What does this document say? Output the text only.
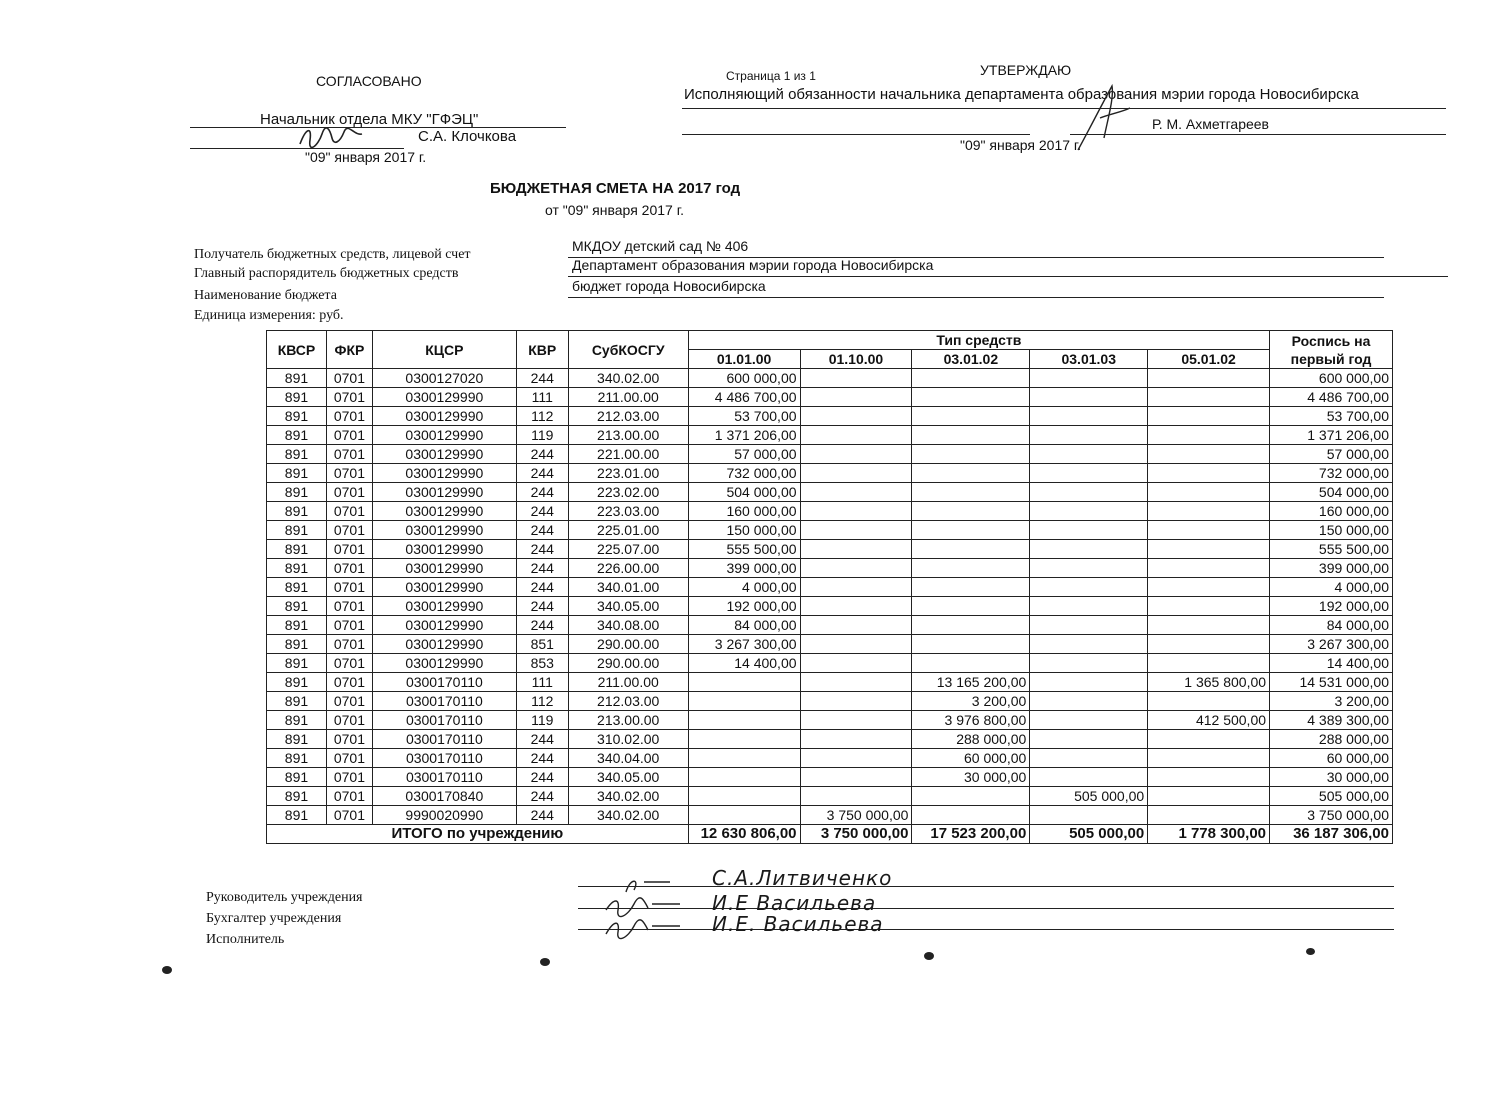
СОГЛАСОВАНО
Начальник отдела МКУ "ГФЭЦ"
С.А. Клочкова
"09" января 2017 г.
Страница 1 из 1	УТВЕРЖДАЮ
Исполняющий обязанности начальника департамента образования мэрии города Новосибирска
Р. М. Ахметгареев
"09" января 2017 г.
БЮДЖЕТНАЯ СМЕТА НА 2017 год
от "09" января 2017 г.
Получатель бюджетных средств, лицевой счет
Главный распорядитель бюджетных средств
Наименование бюджета
Единица измерения: руб.
МКДОУ детский сад № 406
Департамент образования мэрии города Новосибирска
бюджет города Новосибирска
КВСР	ФКР	КЦСР	КВР	СубКОСГУ	Тип средств					Роспись на первый год
					01.01.00	01.10.00	03.01.02	03.01.03	05.01.02	
891	0701	0300127020	244	340.02.00	600 000,00					600 000,00
891	0701	0300129990	111	211.00.00	4 486 700,00					4 486 700,00
891	0701	0300129990	112	212.03.00	53 700,00					53 700,00
891	0701	0300129990	119	213.00.00	1 371 206,00					1 371 206,00
891	0701	0300129990	244	221.00.00	57 000,00					57 000,00
891	0701	0300129990	244	223.01.00	732 000,00					732 000,00
891	0701	0300129990	244	223.02.00	504 000,00					504 000,00
891	0701	0300129990	244	223.03.00	160 000,00					160 000,00
891	0701	0300129990	244	225.01.00	150 000,00					150 000,00
891	0701	0300129990	244	225.07.00	555 500,00					555 500,00
891	0701	0300129990	244	226.00.00	399 000,00					399 000,00
891	0701	0300129990	244	340.01.00	4 000,00					4 000,00
891	0701	0300129990	244	340.05.00	192 000,00					192 000,00
891	0701	0300129990	244	340.08.00	84 000,00					84 000,00
891	0701	0300129990	851	290.00.00	3 267 300,00					3 267 300,00
891	0701	0300129990	853	290.00.00	14 400,00					14 400,00
891	0701	0300170110	111	211.00.00			13 165 200,00		1 365 800,00	14 531 000,00
891	0701	0300170110	112	212.03.00			3 200,00			3 200,00
891	0701	0300170110	119	213.00.00			3 976 800,00		412 500,00	4 389 300,00
891	0701	0300170110	244	310.02.00			288 000,00			288 000,00
891	0701	0300170110	244	340.04.00			60 000,00			60 000,00
891	0701	0300170110	244	340.05.00			30 000,00			30 000,00
891	0701	0300170840	244	340.02.00				505 000,00		505 000,00
891	0701	9990020990	244	340.02.00		3 750 000,00				3 750 000,00
ИТОГО по учреждению					12 630 806,00	3 750 000,00	17 523 200,00	505 000,00	1 778 300,00	36 187 306,00
Руководитель учреждения
Бухгалтер учреждения
Исполнитель
С.А.Литвиченко
И.Е Васильева
И.Е. Васильева
